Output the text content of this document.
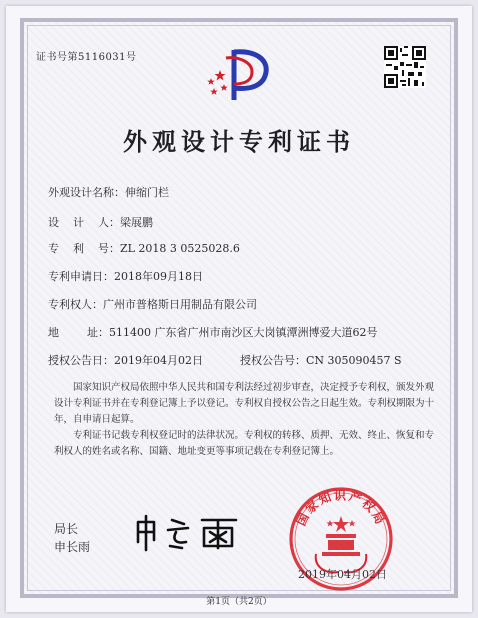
证书号第5116031号
外观设计专利证书
外观设计名称：伸缩门栏
设    计    人：梁展鹏
专    利    号：ZL 2018 3 0525028.6
专利申请日：2018年09月18日
专利权人：广州市普格斯日用制品有限公司
地        址：511400 广东省广州市南沙区大岗镇潭洲博爱大道62号
授权公告日：2019年04月02日	授权公告号：CN 305090457 S
国家知识产权局依照中华人民共和国专利法经过初步审查，决定授予专利权，颁发外观设计专利证书并在专利登记簿上予以登记。专利权自授权公告之日起生效。专利权期限为十年，自申请日起算。
专利证书记载专利权登记时的法律状况。专利权的转移、质押、无效、终止、恢复和专利权人的姓名或名称、国籍、地址变更等事项记载在专利登记簿上。
局长
申长雨
国家知识产权局
2019年04月02日
第1页（共2页）
